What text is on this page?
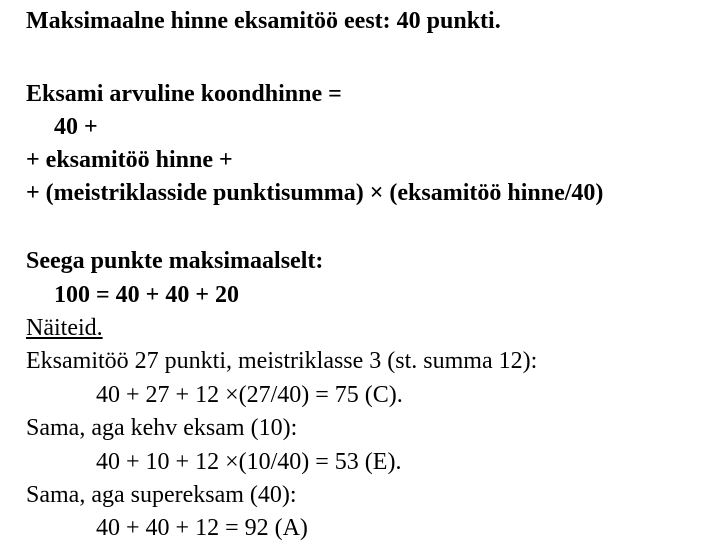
Maksimaalne hinne eksamitöö eest: 40 punkti.
Eksami arvuline koondhinne =
40 +
+ eksamitöö hinne +
+ (meistriklasside punktisumma) × (eksamitöö hinne/40)
Seega punkte maksimaalselt:
100 = 40 + 40 + 20
Näiteid.
Eksamitöö 27 punkti, meistriklasse 3 (st. summa 12):
40 + 27 + 12 ×(27/40) = 75 (C).
Sama, aga kehv eksam (10):
40 + 10 + 12 ×(10/40) = 53 (E).
Sama, aga supereksam (40):
40 + 40 + 12 = 92 (A)
